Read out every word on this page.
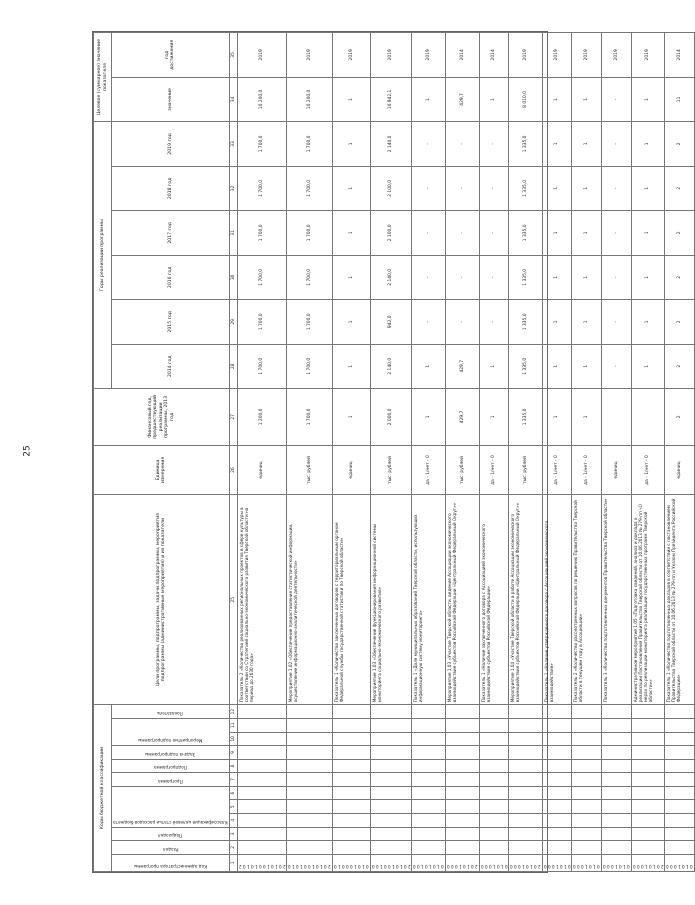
25
Коды бюджетной классификации												Цели программы, подпрограммы, задачи подпрограммы, мероприятия подпрограммы (административные мероприятия) и их показатели	Единица измерения	Финансовый год, предшествующий реализации программы, 2013 год	Годы реализации программы						Целевое (суммарное) значение показателя	

Код администратора программы	Раздел	Подраздел	Классификация целевой статьи расходов бюджета			Программа	Подпрограмма	Задача подпрограммы	Мероприятие подпрограммы		Показатель				2014 год	2015 год	2016 год	2017 год	2018 год	2019 год	значение	год достижения
1	2	3	4	5	6	7	8	9	10	11	12	25	26	27	28	29	30	31	32	33	34	35

2 0 1 0 1 0 0 1 0 1 0 2												Показатель 2 «Количество реализованных региональных проектов в сфере культуры в соответствии со Стратегией социально-экономического развития Тверской области на период до 2030 года»	единиц	1 200,0	1 700,0	1 700,0	1 700,0	1 700,0	1 700,0	1 700,0	10 200,0	2019

2 0 1 0 1 0 0 1 0 1 0												Мероприятие 1.02 «Обеспечение предоставления статистической информации, осуществление информационно-аналитической деятельности»	тыс. рублей	1 700,0	1 700,0	1 700,0	1 700,0	1 700,0	1 700,0	1 700,0	10 200,0	2019

0 1 0 1 0 0 0 1 0												Показатель 1 «Количество заключенных договоров с территориальным органом Федеральной службы государственной статистики по Тверской области»	единиц	1	1	1	1	1	1	1	1	2019

2 0 1 0 1 0 0 1 0 0												Мероприятие 1.03 «Обеспечение функционирования информационной системы мониторинга социально-экономического развития»	тыс. рублей	2 000,0	2 140,0	942,0	2 140,0	2 100,0	2 100,0	2 140,0	10 942,1	2019

0 1 0 1 0 1 0 0												Показатель 1 «Доля муниципальных образований Тверской области, использующих информационную систему мониторинга»	да - 1/нет - 0	1	1	-	-	-	-	-	1	2019

2 0 1 0 1 0 0 0												Мероприятие 1.03 «Участие Тверской области, ведение Ассоциации экономического взаимодействия субъектов Российской Федерации «Центральный Федеральный Округ»»	тыс. рублей	429,7	429,7	-	-	-	-	-	429,7	2014

0 1 0 1 0 0 0												Показатель 1 «Наличие заключенного договора с Ассоциацией экономического взаимодействия субъектов Российской Федерации»	да - 1/нет - 0	1	1	-	-	-	-	-	1	2014

2 0 1 0 1 0 0 0												Мероприятие 1.04 «Участие Тверской области в работе Ассоциации экономического взаимодействия субъектов Российской Федерации «Центральный Федеральный Округ»»	тыс. рублей	1 335,0	1 335,0	1 335,0	1 335,0	1 335,0	1 335,0	1 335,0	8 010,0	2019

0 1 0 1 0 0 0												Показатель 1 «Наличие утвержденного договора с Ассоциацией экономического взаимодействия»	да - 1/нет - 0	1	1	1	1	1	1	1	1	2019

0 1 0 1 0 0 0												Показатель 2 «Количество рассмотренных вопросов по решению Правительства Тверской области в текущем году в Ассоциации»	да - 1/нет - 0	1	1	1	1	1	1	1	1	2019

0 1 0 1 0 0 0												Показатель 3 «Количество подготовленных документов Правительства Тверской области»	единиц		-	-	-	-	-	-	-	2019

2 0 1 0 1 0 0 0												Административное мероприятие 1.05 «Подготовка сведений, анализа и доклада о реализации Постановления Правительства Тверской области от 10.06.2013 № 279-пп «О мерах по реализации мониторинга реализации государственных программ Тверской области»»	да - 1/нет - 0		1	1	1	1	1	1	1	2019

0 1 0 1 0 0 0												Показатель 1 «Количество подготовленных докладов в соответствии с постановлением Правительства Тверской области от 10.06.2013 № 279-пп и Указом Президента Российской Федерации»	единиц	2	2	2	2	2	2	2	11	2014
